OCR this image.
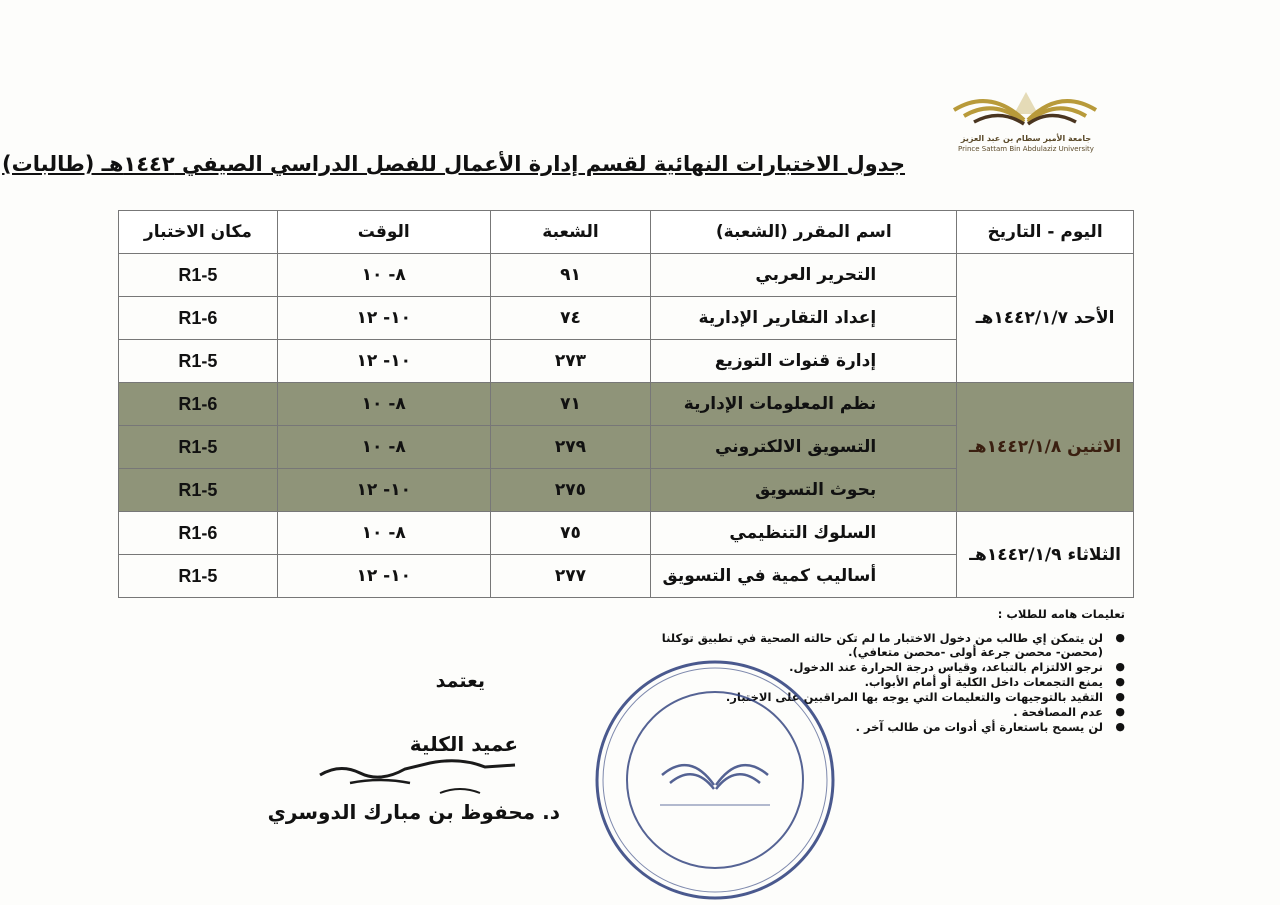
جامعة الأمير سطام بن عبد العزيز
Prince Sattam Bin Abdulaziz University
جدول الاختبارات النهائية لقسم إدارة الأعمال للفصل الدراسي الصيفي ١٤٤٢هـ (طالبات)
اليوم - التاريخ	اسم المقرر (الشعبة)	الشعبة	الوقت	مكان الاختبار
الأحد ١٤٤٢/١/٧هـ	التحرير العربي	٩١	٨- ١٠	R1-5
	إعداد التقارير الإدارية	٧٤	١٠- ١٢	R1-6
	إدارة قنوات التوزيع	٢٧٣	١٠- ١٢	R1-5
الاثنين ١٤٤٢/١/٨هـ	نظم المعلومات الإدارية	٧١	٨- ١٠	R1-6
	التسويق الالكتروني	٢٧٩	٨- ١٠	R1-5
	بحوث التسويق	٢٧٥	١٠- ١٢	R1-5
الثلاثاء ١٤٤٢/١/٩هـ	السلوك التنظيمي	٧٥	٨- ١٠	R1-6
	أساليب كمية في التسويق	٢٧٧	١٠- ١٢	R1-5
تعليمات هامه للطلاب :
●
لن يتمكن إي طالب من دخول الاختبار ما لم تكن حالته الصحية في تطبيق توكلنا (محصن- محصن جرعة أولى -محصن متعافي).
●
نرجو الالتزام بالتباعد، وقياس درجة الحرارة عند الدخول.
●
يمنع التجمعات داخل الكلية أو أمام الأبواب.
●
التقيد بالتوجيهات والتعليمات التي يوجه بها المراقبين على الاختبار.
●
عدم المصافحة .
●
لن يسمح باستعارة أي أدوات من طالب آخر .
يعتمد
عميد الكلية
د. محفوظ بن مبارك الدوسري
